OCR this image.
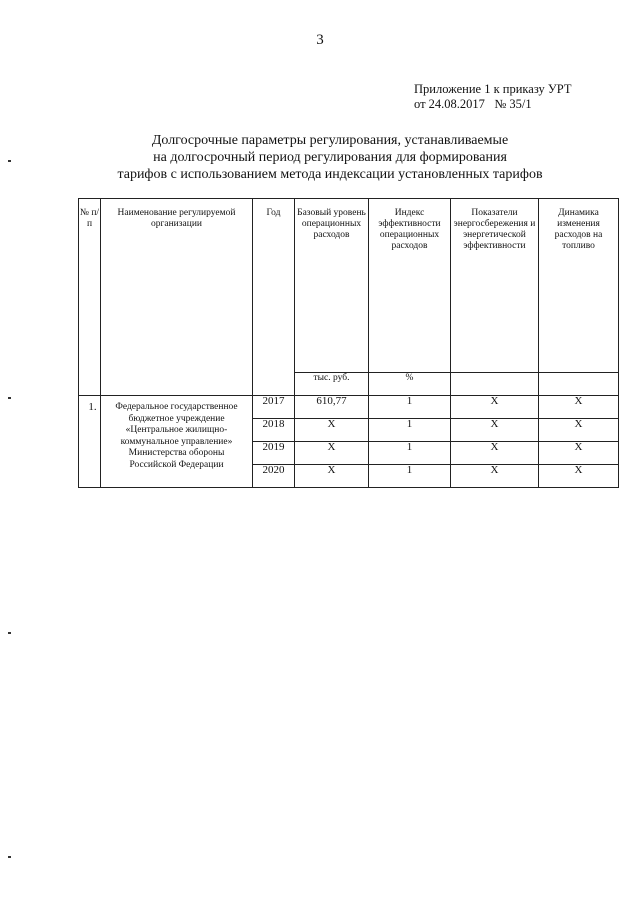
3
Приложение 1 к приказу УРТ
от 24.08.2017 № 35/1
Долгосрочные параметры регулирования, устанавливаемые
на долгосрочный период регулирования для формирования
тарифов с использованием метода индексации установленных тарифов
№ п/п	Наименование регулируемой организации	Год	Базовый уровень операционных расходов	Индекс эффективности операционных расходов	Показатели энергосбережения и энергетической эффективности	Динамика изменения расходов на топливо
			тыс. руб.	%		
1.	Федеральное государственное бюджетное учреждение «Центральное жилищно-коммунальное управление» Министерства обороны Российской Федерации	2017	610,77	1	Х	Х
		2018	Х	1	Х	Х
		2019	Х	1	Х	Х
		2020	Х	1	Х	Х
